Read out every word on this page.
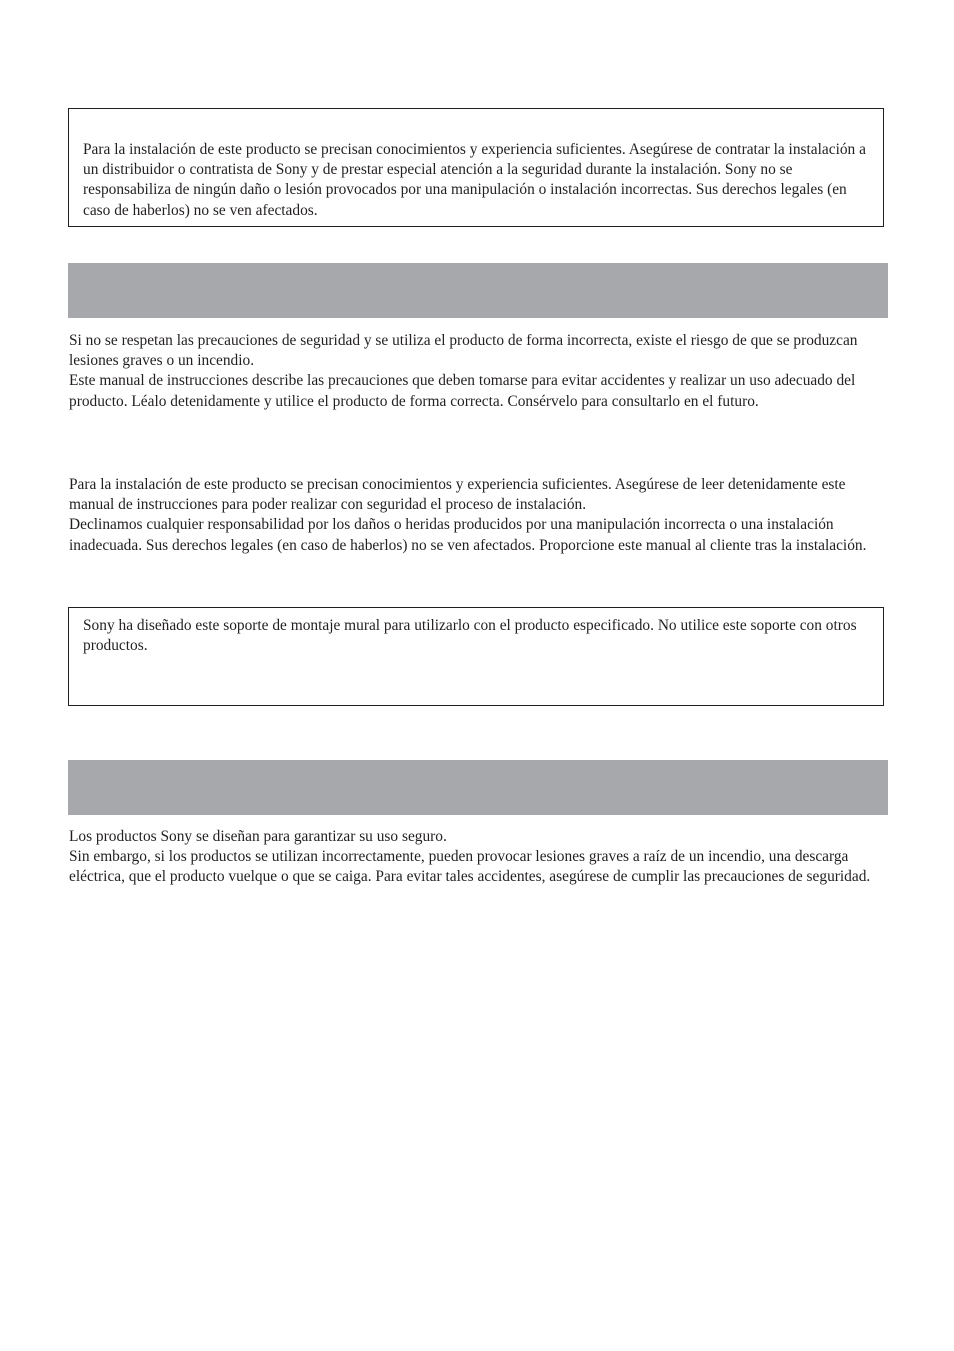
Para la instalación de este producto se precisan conocimientos y experiencia suficientes. Asegúrese de contratar la instalación a un distribuidor o contratista de Sony y de prestar especial atención a la seguridad durante la instalación. Sony no se responsabiliza de ningún daño o lesión provocados por una manipulación o instalación incorrectas. Sus derechos legales (en caso de haberlos) no se ven afectados.

Si no se respetan las precauciones de seguridad y se utiliza el producto de forma incorrecta, existe el riesgo de que se produzcan lesiones graves o un incendio.
Este manual de instrucciones describe las precauciones que deben tomarse para evitar accidentes y realizar un uso adecuado del producto. Léalo detenidamente y utilice el producto de forma correcta. Consérvelo para consultarlo en el futuro.
Para la instalación de este producto se precisan conocimientos y experiencia suficientes. Asegúrese de leer detenidamente este manual de instrucciones para poder realizar con seguridad el proceso de instalación.
Declinamos cualquier responsabilidad por los daños o heridas producidos por una manipulación incorrecta o una instalación inadecuada. Sus derechos legales (en caso de haberlos) no se ven afectados. Proporcione este manual al cliente tras la instalación.

Sony ha diseñado este soporte de montaje mural para utilizarlo con el producto especificado. No utilice este soporte con otros productos.

Los productos Sony se diseñan para garantizar su uso seguro.
Sin embargo, si los productos se utilizan incorrectamente, pueden provocar lesiones graves a raíz de un incendio, una descarga eléctrica, que el producto vuelque o que se caiga. Para evitar tales accidentes, asegúrese de cumplir las precauciones de seguridad.
